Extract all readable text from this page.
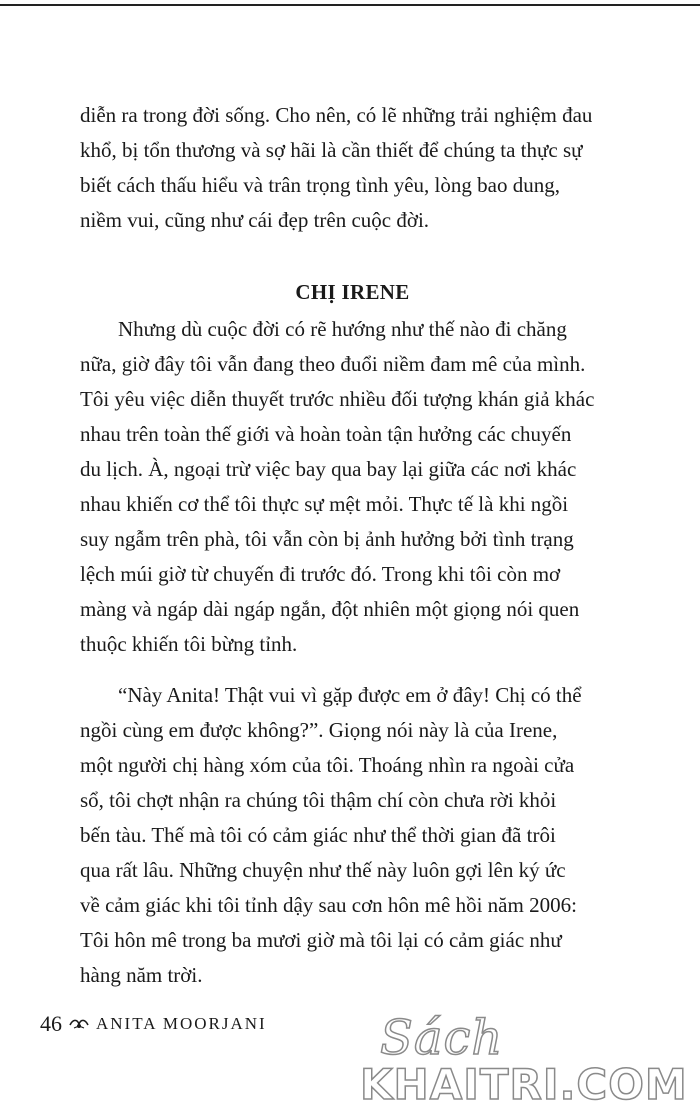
diễn ra trong đời sống. Cho nên, có lẽ những trải nghiệm đau
khổ, bị tổn thương và sợ hãi là cần thiết để chúng ta thực sự
biết cách thấu hiểu và trân trọng tình yêu, lòng bao dung,
niềm vui, cũng như cái đẹp trên cuộc đời.
CHỊ IRENE
Nhưng dù cuộc đời có rẽ hướng như thế nào đi chăng
nữa, giờ đây tôi vẫn đang theo đuổi niềm đam mê của mình.
Tôi yêu việc diễn thuyết trước nhiều đối tượng khán giả khác
nhau trên toàn thế giới và hoàn toàn tận hưởng các chuyến
du lịch. À, ngoại trừ việc bay qua bay lại giữa các nơi khác
nhau khiến cơ thể tôi thực sự mệt mỏi. Thực tế là khi ngồi
suy ngẫm trên phà, tôi vẫn còn bị ảnh hưởng bởi tình trạng
lệch múi giờ từ chuyến đi trước đó. Trong khi tôi còn mơ
màng và ngáp dài ngáp ngắn, đột nhiên một giọng nói quen
thuộc khiến tôi bừng tỉnh.
“Này Anita! Thật vui vì gặp được em ở đây! Chị có thể
ngồi cùng em được không?”. Giọng nói này là của Irene,
một người chị hàng xóm của tôi. Thoáng nhìn ra ngoài cửa
sổ, tôi chợt nhận ra chúng tôi thậm chí còn chưa rời khỏi
bến tàu. Thế mà tôi có cảm giác như thể thời gian đã trôi
qua rất lâu. Những chuyện như thế này luôn gợi lên ký ức
về cảm giác khi tôi tỉnh dậy sau cơn hôn mê hồi năm 2006:
Tôi hôn mê trong ba mươi giờ mà tôi lại có cảm giác như
hàng năm trời.
46 ANITA MOORJANI Sách
KHAITRI.COM
